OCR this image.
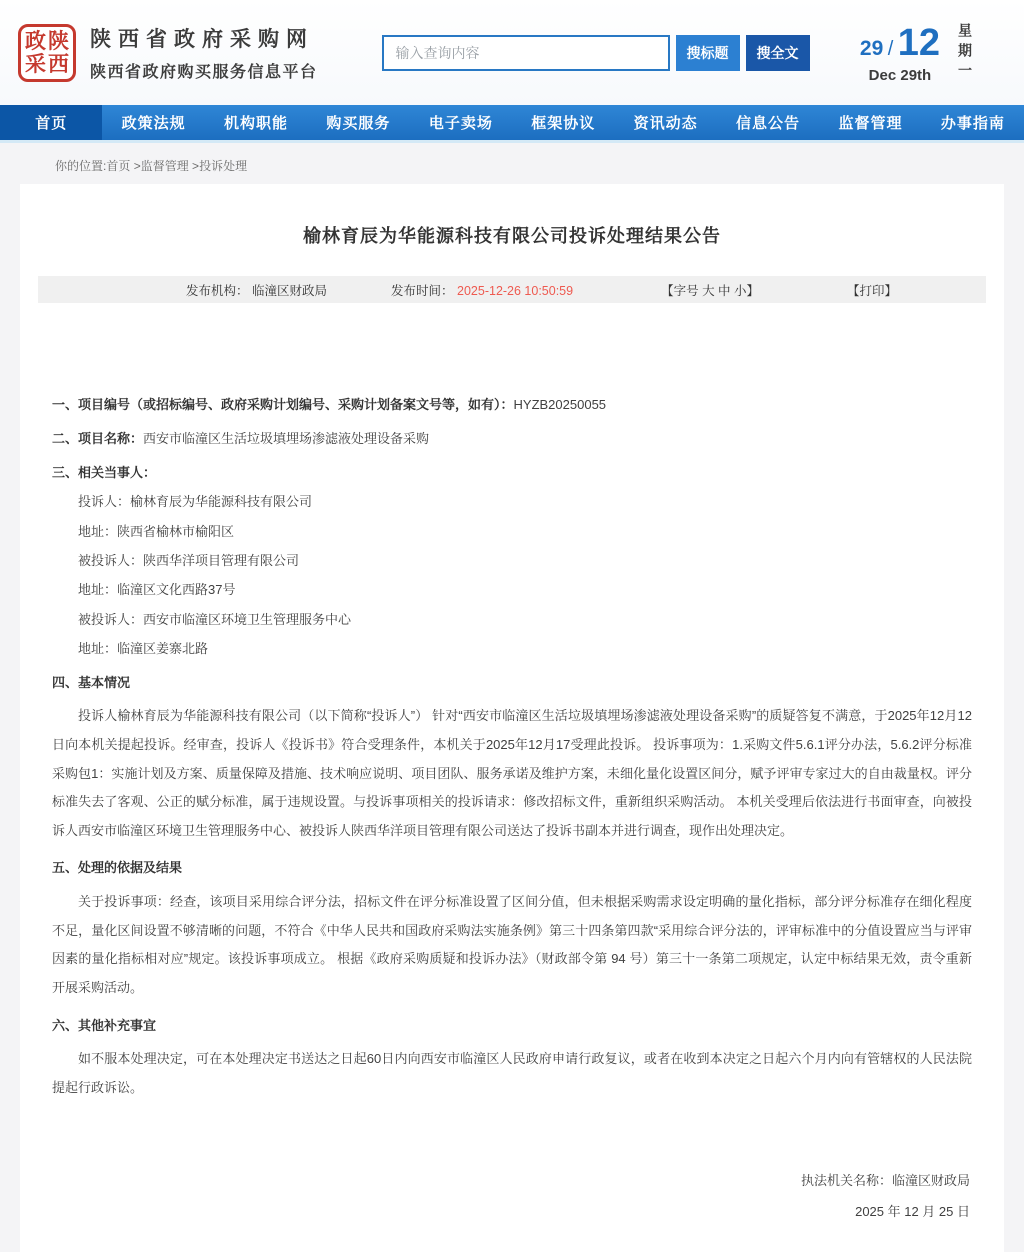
政 陕
采 西
陕西省政府采购网
陕西省政府购买服务信息平台
输入查询内容
搜标题	搜全文	29 / 12
Dec 29th	星期一
首页	政策法规	机构职能	购买服务	电子卖场	框架协议	资讯动态	信息公告	监督管理	办事指南
你的位置:首页 >监督管理 >投诉处理
榆林育辰为华能源科技有限公司投诉处理结果公告
发布机构： 临潼区财政局	发布时间： 2025-12-26 10:50:59	【字号 大 中 小】	【打印】
一、项目编号（或招标编号、政府采购计划编号、采购计划备案文号等，如有）：HYZB20250055
二、项目名称：西安市临潼区生活垃圾填埋场渗滤液处理设备采购
三、相关当事人：
投诉人：榆林育辰为华能源科技有限公司
地址：陕西省榆林市榆阳区
被投诉人：陕西华洋项目管理有限公司
地址：临潼区文化西路37号
被投诉人：西安市临潼区环境卫生管理服务中心
地址：临潼区姜寨北路
四、基本情况

投诉人榆林育辰为华能源科技有限公司（以下简称“投诉人”） 针对“西安市临潼区生活垃圾填埋场渗滤液处理设备采购”的质疑答复不满意，于2025年12月12日向本机关提起投诉。经审查，投诉人《投诉书》符合受理条件，本机关于2025年12月17受理此投诉。 投诉事项为：1.采购文件5.6.1评分办法，5.6.2评分标准采购包1：实施计划及方案、质量保障及措施、技术响应说明、项目团队、服务承诺及维护方案，未细化量化设置区间分，赋予评审专家过大的自由裁量权。评分标准失去了客观、公正的赋分标准，属于违规设置。与投诉事项相关的投诉请求：修改招标文件，重新组织采购活动。 本机关受理后依法进行书面审查，向被投诉人西安市临潼区环境卫生管理服务中心、被投诉人陕西华洋项目管理有限公司送达了投诉书副本并进行调查，现作出处理决定。

五、处理的依据及结果

关于投诉事项：经查，该项目采用综合评分法，招标文件在评分标准设置了区间分值，但未根据采购需求设定明确的量化指标，部分评分标准存在细化程度不足，量化区间设置不够清晰的问题，不符合《中华人民共和国政府采购法实施条例》第三十四条第四款“采用综合评分法的，评审标准中的分值设置应当与评审因素的量化指标相对应”规定。该投诉事项成立。 根据《政府采购质疑和投诉办法》（财政部令第 94 号）第三十一条第二项规定，认定中标结果无效，责令重新开展采购活动。

六、其他补充事宜

如不服本处理决定，可在本处理决定书送达之日起60日内向西安市临潼区人民政府申请行政复议，或者在收到本决定之日起六个月内向有管辖权的人民法院提起行政诉讼。

执法机关名称：临潼区财政局
2025 年 12 月 25 日
